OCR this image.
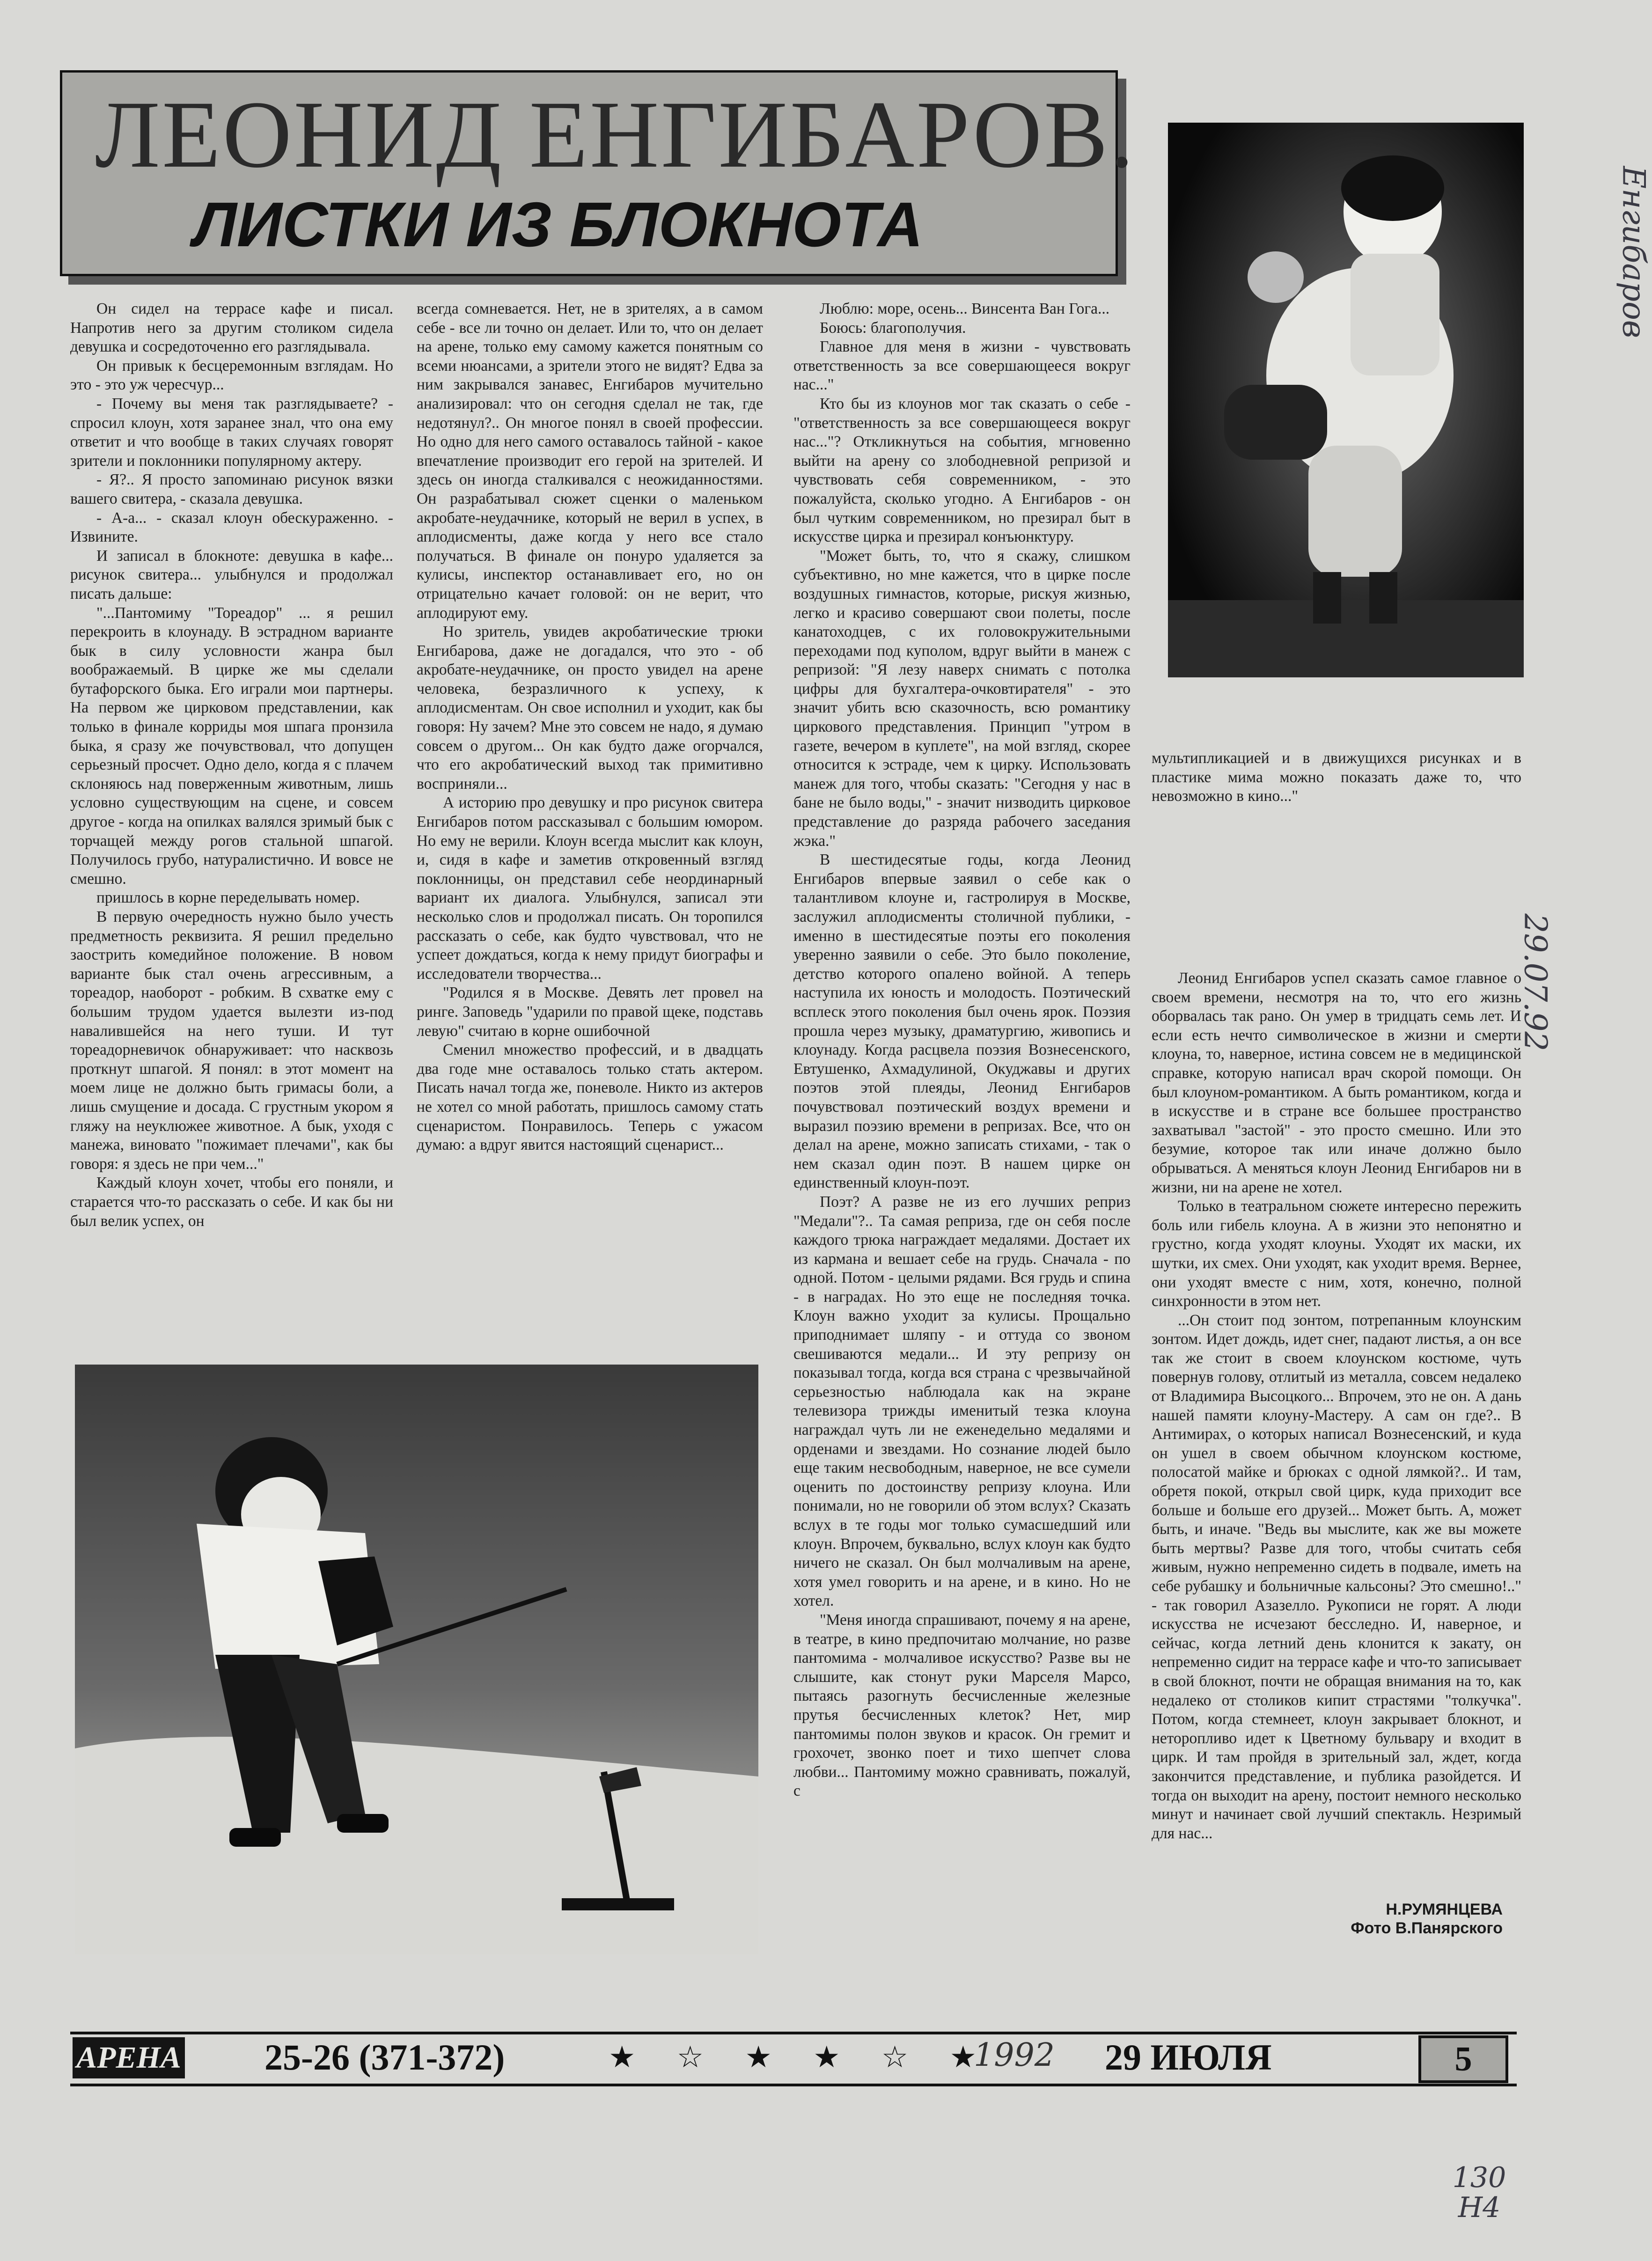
ЛЕОНИД ЕНГИБАРОВ.
ЛИСТКИ ИЗ БЛОКНОТА

Он сидел на террасе кафе и писал. Напротив него за другим столиком сидела девушка и сосредоточенно его разглядывала.

Он привык к бесцеремонным взглядам. Но это - это уж чересчур...

- Почему вы меня так разглядываете? - спросил клоун, хотя заранее знал, что она ему ответит и что вообще в таких случаях говорят зрители и поклонники популярному актеру.

- Я?.. Я просто запоминаю рисунок вязки вашего свитера, - сказала девушка.

- А-а... - сказал клоун обескураженно. - Извините.

И записал в блокноте: девушка в кафе... рисунок свитера... улыбнулся и продолжал писать дальше:

"...Пантомиму "Тореадор" ... я решил перекроить в клоунаду. В эстрадном варианте бык в силу условности жанра был воображаемый. В цирке же мы сделали бутафорского быка. Его играли мои партнеры. На первом же цирковом представлении, как только в финале корриды моя шпага пронзила быка, я сразу же почувствовал, что допущен серьезный просчет. Одно дело, когда я с плачем склоняюсь над поверженным животным, лишь условно существующим на сцене, и совсем другое - когда на опилках валялся зримый бык с торчащей между рогов стальной шпагой. Получилось грубо, натуралистично. И вовсе не смешно.

пришлось в корне переделывать номер.

В первую очередность нужно было учесть предметность реквизита. Я решил предельно заострить комедийное положение. В новом варианте бык стал очень агрессивным, а тореадор, наоборот - робким. В схватке ему с большим трудом удается вылезти из-под навалившейся на него туши. И тут тореадорневичок обнаруживает: что насквозь проткнут шпагой. Я понял: в этот момент на моем лице не должно быть гримасы боли, а лишь смущение и досада. С грустным укором я гляжу на неуклюжее животное. А бык, уходя с манежа, виновато "пожимает плечами", как бы говоря: я здесь не при чем..."

Каждый клоун хочет, чтобы его поняли, и старается что-то рассказать о себе. И как бы ни был велик успех, он

всегда сомневается. Нет, не в зрителях, а в самом себе - все ли точно он делает. Или то, что он делает на арене, только ему самому кажется понятным со всеми нюансами, а зрители этого не видят? Едва за ним закрывался занавес, Енгибаров мучительно анализировал: что он сегодня сделал не так, где недотянул?.. Он многое понял в своей профессии. Но одно для него самого оставалось тайной - какое впечатление производит его герой на зрителей. И здесь он иногда сталкивался с неожиданностями. Он разрабатывал сюжет сценки о маленьком акробате-неудачнике, который не верил в успех, в аплодисменты, даже когда у него все стало получаться. В финале он понуро удаляется за кулисы, инспектор останавливает его, но он отрицательно качает головой: он не верит, что аплодируют ему.

Но зритель, увидев акробатические трюки Енгибарова, даже не догадался, что это - об акробате-неудачнике, он просто увидел на арене человека, безразличного к успеху, к аплодисментам. Он свое исполнил и уходит, как бы говоря: Ну зачем? Мне это совсем не надо, я думаю совсем о другом... Он как будто даже огорчался, что его акробатический выход так примитивно восприняли...

А историю про девушку и про рисунок свитера Енгибаров потом рассказывал с большим юмором. Но ему не верили. Клоун всегда мыслит как клоун, и, сидя в кафе и заметив откровенный взгляд поклонницы, он представил себе неординарный вариант их диалога. Улыбнулся, записал эти несколько слов и продолжал писать. Он торопился рассказать о себе, как будто чувствовал, что не успеет дождаться, когда к нему придут биографы и исследователи творчества...

"Родился я в Москве. Девять лет провел на ринге. Заповедь "ударили по правой щеке, подставь левую" считаю в корне ошибочной

Сменил множество профессий, и в двадцать два годе мне оставалось только стать актером. Писать начал тогда же, поневоле. Никто из актеров не хотел со мной работать, пришлось самому стать сценаристом. Понравилось. Теперь с ужасом думаю: а вдруг явится настоящий сценарист...

Люблю: море, осень... Винсента Ван Гога...

Боюсь: благополучия.

Главное для меня в жизни - чувствовать ответственность за все совершающееся вокруг нас..."

Кто бы из клоунов мог так сказать о себе - "ответственность за все совершающееся вокруг нас..."? Откликнуться на события, мгновенно выйти на арену со злободневной репризой и чувствовать себя современником, - это пожалуйста, сколько угодно. А Енгибаров - он был чутким современником, но презирал быт в искусстве цирка и презирал конъюнктуру.

"Может быть, то, что я скажу, слишком субъективно, но мне кажется, что в цирке после воздушных гимнастов, которые, рискуя жизнью, легко и красиво совершают свои полеты, после канатоходцев, с их головокружительными переходами под куполом, вдруг выйти в манеж с репризой: "Я лезу наверх снимать с потолка цифры для бухгалтера-очковтирателя" - это значит убить всю сказочность, всю романтику циркового представления. Принцип "утром в газете, вечером в куплете", на мой взгляд, скорее относится к эстраде, чем к цирку. Использовать манеж для того, чтобы сказать: "Сегодня у нас в бане не было воды," - значит низводить цирковое представление до разряда рабочего заседания жэка."

В шестидесятые годы, когда Леонид Енгибаров впервые заявил о себе как о талантливом клоуне и, гастролируя в Москве, заслужил аплодисменты столичной публики, - именно в шестидесятые поэты его поколения уверенно заявили о себе. Это было поколение, детство которого опалено войной. А теперь наступила их юность и молодость. Поэтический всплеск этого поколения был очень ярок. Поэзия прошла через музыку, драматургию, живопись и клоунаду. Когда расцвела поэзия Вознесенского, Евтушенко, Ахмадулиной, Окуджавы и других поэтов этой плеяды, Леонид Енгибаров почувствовал поэтический воздух времени и выразил поэзию времени в репризах. Все, что он делал на арене, можно записать стихами, - так о нем сказал один поэт. В нашем цирке он единственный клоун-поэт.

Поэт? А разве не из его лучших реприз "Медали"?.. Та самая реприза, где он себя после каждого трюка награждает медалями. Достает их из кармана и вешает себе на грудь. Сначала - по одной. Потом - целыми рядами. Вся грудь и спина - в наградах. Но это еще не последняя точка. Клоун важно уходит за кулисы. Прощально приподнимает шляпу - и оттуда со звоном свешиваются медали... И эту репризу он показывал тогда, когда вся страна с чрезвычайной серьезностью наблюдала как на экране телевизора трижды именитый тезка клоуна награждал чуть ли не еженедельно медалями и орденами и звездами. Но сознание людей было еще таким несвободным, наверное, не все сумели оценить по достоинству репризу клоуна. Или понимали, но не говорили об этом вслух? Сказать вслух в те годы мог только сумасшедший или клоун. Впрочем, буквально, вслух клоун как будто ничего не сказал. Он был молчаливым на арене, хотя умел говорить и на арене, и в кино. Но не хотел.

"Меня иногда спрашивают, почему я на арене, в театре, в кино предпочитаю молчание, но разве пантомима - молчаливое искусство? Разве вы не слышите, как стонут руки Марселя Марсо, пытаясь разогнуть бесчисленные железные прутья бесчисленных клеток? Нет, мир пантомимы полон звуков и красок. Он гремит и грохочет, звонко поет и тихо шепчет слова любви... Пантомиму можно сравнивать, пожалуй, с

мультипликацией и в движущихся рисунках и в пластике мима можно показать даже то, что невозможно в кино..."

Леонид Енгибаров успел сказать самое главное о своем времени, несмотря на то, что его жизнь оборвалась так рано. Он умер в тридцать семь лет. И если есть нечто символическое в жизни и смерти клоуна, то, наверное, истина совсем не в медицинской справке, которую написал врач скорой помощи. Он был клоуном-романтиком. А быть романтиком, когда и в искусстве и в стране все большее пространство захватывал "застой" - это просто смешно. Или это безумие, которое так или иначе должно было обрываться. А меняться клоун Леонид Енгибаров ни в жизни, ни на арене не хотел.

Только в театральном сюжете интересно пережить боль или гибель клоуна. А в жизни это непонятно и грустно, когда уходят клоуны. Уходят их маски, их шутки, их смех. Они уходят, как уходит время. Вернее, они уходят вместе с ним, хотя, конечно, полной синхронности в этом нет.

...Он стоит под зонтом, потрепанным клоунским зонтом. Идет дождь, идет снег, падают листья, а он все так же стоит в своем клоунском костюме, чуть повернув голову, отлитый из металла, совсем недалеко от Владимира Высоцкого... Впрочем, это не он. А дань нашей памяти клоуну-Мастеру. А сам он где?.. В Антимирах, о которых написал Вознесенский, и куда он ушел в своем обычном клоунском костюме, полосатой майке и брюках с одной лямкой?.. И там, обретя покой, открыл свой цирк, куда приходит все больше и больше его друзей... Может быть. А, может быть, и иначе. "Ведь вы мыслите, как же вы можете быть мертвы? Разве для того, чтобы считать себя живым, нужно непременно сидеть в подвале, иметь на себе рубашку и больничные кальсоны? Это смешно!.." - так говорил Азазелло. Рукописи не горят. А люди искусства не исчезают бесследно. И, наверное, и сейчас, когда летний день клонится к закату, он непременно сидит на террасе кафе и что-то записывает в свой блокнот, почти не обращая внимания на то, как недалеко от столиков кипит страстями "толкучка". Потом, когда стемнеет, клоун закрывает блокнот, и неторопливо идет к Цветному бульвару и входит в цирк. И там пройдя в зрительный зал, ждет, когда закончится представление, и публика разойдется. И тогда он выходит на арену, постоит немного несколько минут и начинает свой лучший спектакль. Незримый для нас...

Н.РУМЯНЦЕВА
Фото В.Панярского
АРЕНА 25-26 (371-372)	★ ☆ ★ ★ ☆ ★
1992 29 ИЮЛЯ	5
Енгибаров
29.07.92
130
Н4
